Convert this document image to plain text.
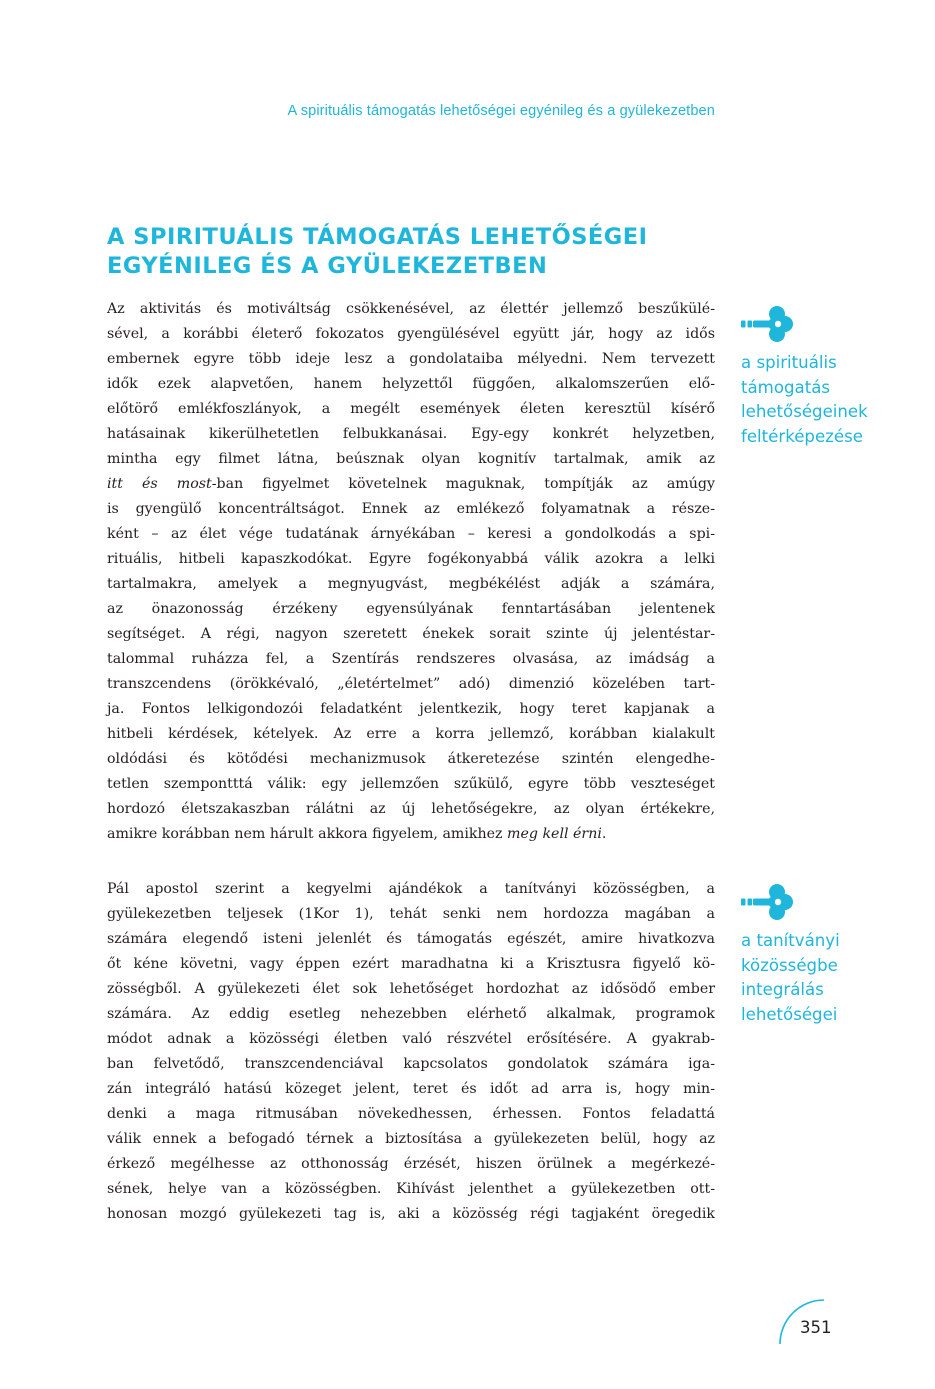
A spirituális támogatás lehetőségei egyénileg és a gyülekezetben
A SPIRITUÁLIS TÁMOGATÁS LEHETŐSÉGEI
EGYÉNILEG ÉS A GYÜLEKEZETBEN
Az aktivitás és motiváltság csökkenésével, az élettér jellemző beszűkülé-
sével, a korábbi életerő fokozatos gyengülésével együtt jár, hogy az idős
embernek egyre több ideje lesz a gondolataiba mélyedni. Nem tervezett
idők ezek alapvetően, hanem helyzettől függően, alkalomszerűen elő-
előtörő emlékfoszlányok, a megélt események életen keresztül kísérő
hatásainak kikerülhetetlen felbukkanásai. Egy-egy konkrét helyzetben,
mintha egy filmet látna, beúsznak olyan kognitív tartalmak, amik az
itt és most-ban figyelmet követelnek maguknak, tompítják az amúgy
is gyengülő koncentráltságot. Ennek az emlékező folyamatnak a része-
ként – az élet vége tudatának árnyékában – keresi a gondolkodás a spi-
rituális, hitbeli kapaszkodókat. Egyre fogékonyabbá válik azokra a lelki
tartalmakra, amelyek a megnyugvást, megbékélést adják a számára,
az önazonosság érzékeny egyensúlyának fenntartásában jelentenek
segítséget. A régi, nagyon szeretett énekek sorait szinte új jelentéstar-
talommal ruházza fel, a Szentírás rendszeres olvasása, az imádság a
transzcendens (örökkévaló, „életértelmet” adó) dimenzió közelében tart-
ja. Fontos lelkigondozói feladatként jelentkezik, hogy teret kapjanak a
hitbeli kérdések, kételyek. Az erre a korra jellemző, korábban kialakult
oldódási és kötődési mechanizmusok átkeretezése szintén elengedhe-
tetlen szempontttá válik: egy jellemzően szűkülő, egyre több veszteséget
hordozó életszakaszban rálátni az új lehetőségekre, az olyan értékekre,
amikre korábban nem hárult akkora figyelem, amikhez meg kell érni.
Pál apostol szerint a kegyelmi ajándékok a tanítványi közösségben, a
gyülekezetben teljesek (1Kor 1), tehát senki nem hordozza magában a
számára elegendő isteni jelenlét és támogatás egészét, amire hivatkozva
őt kéne követni, vagy éppen ezért maradhatna ki a Krisztusra figyelő kö-
zösségből. A gyülekezeti élet sok lehetőséget hordozhat az idősödő ember
számára. Az eddig esetleg nehezebben elérhető alkalmak, programok
módot adnak a közösségi életben való részvétel erősítésére. A gyakrab-
ban felvetődő, transzcendenciával kapcsolatos gondolatok számára iga-
zán integráló hatású közeget jelent, teret és időt ad arra is, hogy min-
denki a maga ritmusában növekedhessen, érhessen. Fontos feladattá
válik ennek a befogadó térnek a biztosítása a gyülekezeten belül, hogy az
érkező megélhesse az otthonosság érzését, hiszen örülnek a megérkezé-
sének, helye van a közösségben. Kihívást jelenthet a gyülekezetben ott-
honosan mozgó gyülekezeti tag is, aki a közösség régi tagjaként öregedik
a spirituális
támogatás
lehetőségeinek
feltérképezése
a tanítványi
közösségbe
integrálás
lehetőségei
351
